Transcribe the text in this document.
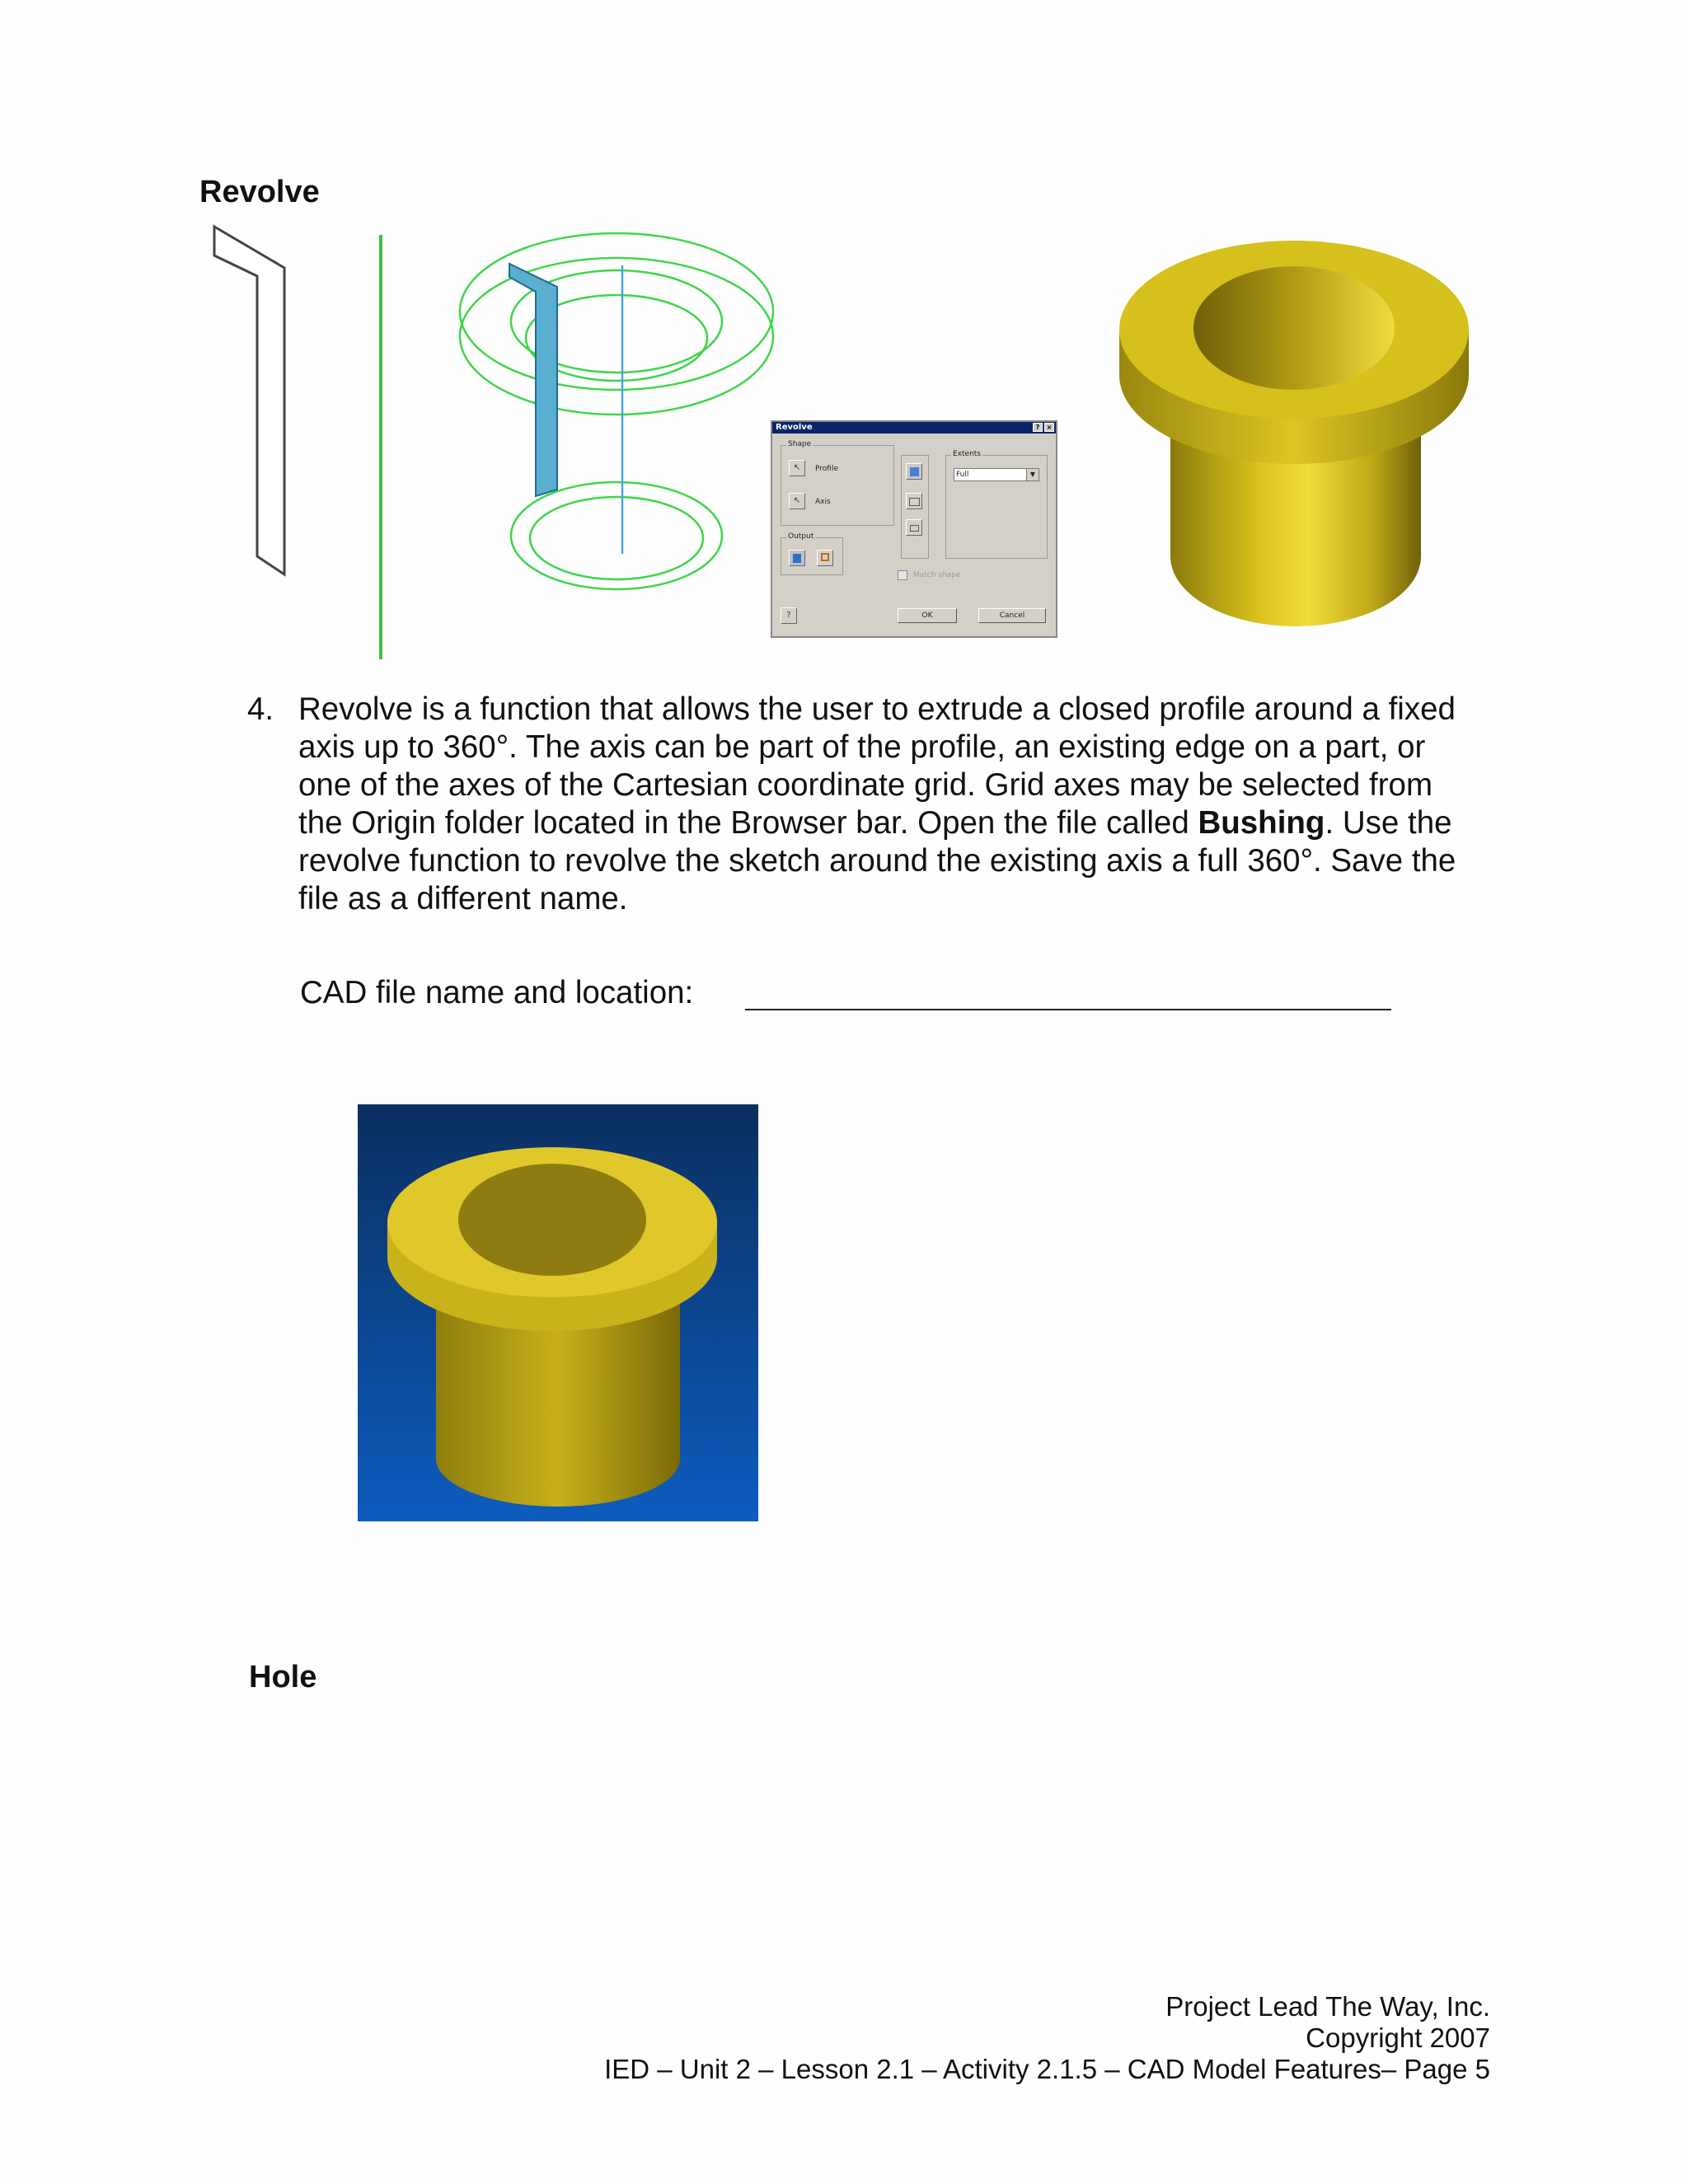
Revolve
Revolve	?	×
Shape
↖	Profile
↖	Axis
Output
Extents
Full	▼
Match shape
?	OK	Cancel
4. Revolve is a function that allows the user to extrude a closed profile around a fixed axis up to 360°. The axis can be part of the profile, an existing edge on a part, or one of the axes of the Cartesian coordinate grid. Grid axes may be selected from the Origin folder located in the Browser bar. Open the file called Bushing. Use the revolve function to revolve the sketch around the existing axis a full 360°. Save the file as a different name.
CAD file name and location:
Hole
Project Lead The Way, Inc.
Copyright 2007
IED – Unit 2 – Lesson 2.1 – Activity 2.1.5 – CAD Model Features– Page 5
